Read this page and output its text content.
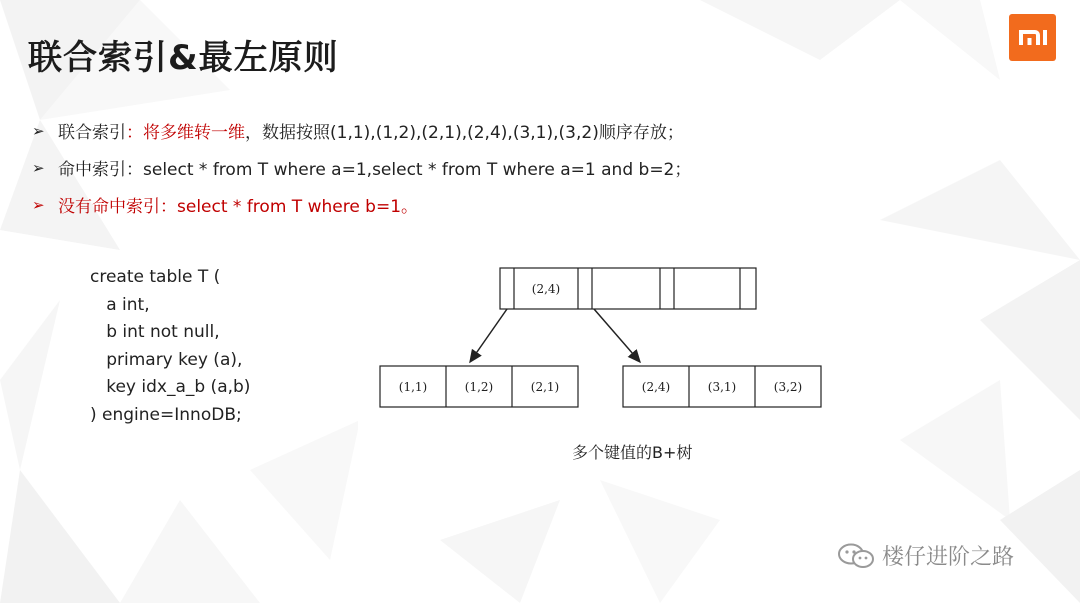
联合索引&最左原则
➢ 联合索引 ： 将多维转一维 ，数据按照(1,1),(1,2),(2,1),(2,4),(3,1),(3,2)顺序存放；
➢ 命中索引 ：select * from T where a=1,select * from T where a=1 and b=2；
➢ 没有命中索引 ：select * from T where b=1。
create table T (
a int,
b int not null,
primary key (a),
key idx_a_b (a,b)
) engine=InnoDB;
(2,4)
(1,1)	(1,2)	(2,1)	(2,4)	(3,1)	(3,2)
多个键值的B+树
楼仔进阶之路
